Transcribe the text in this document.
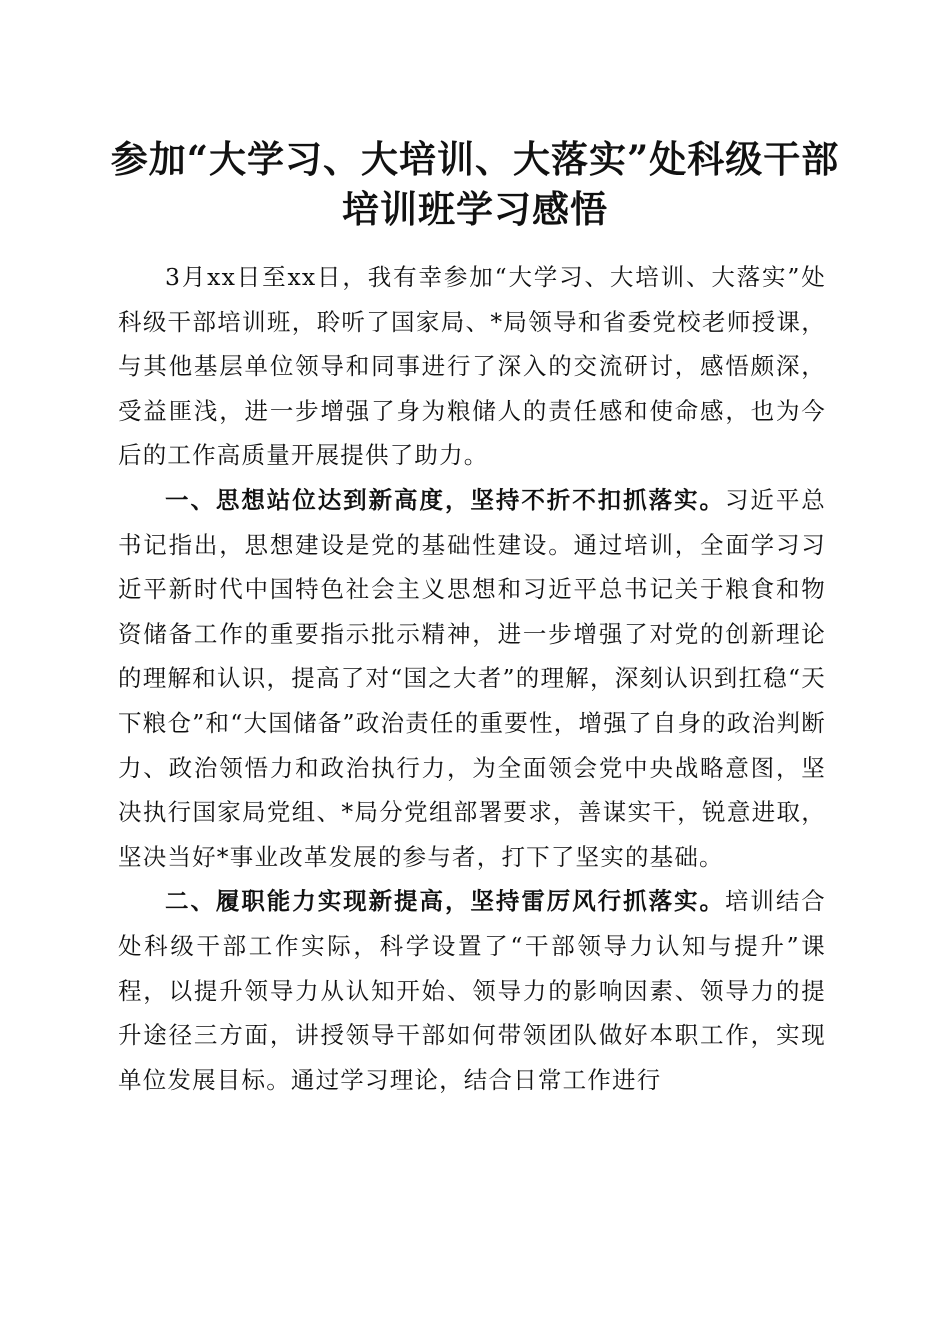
参加“大学习、大培训、大落实”处科级干部
培训班学习感悟

3月xx日至xx日，我有幸参加“大学习、大培训、大落实”处科级干部培训班，聆听了国家局、*局领导和省委党校老师授课，与其他基层单位领导和同事进行了深入的交流研讨，感悟颇深，受益匪浅，进一步增强了身为粮储人的责任感和使命感，也为今后的工作高质量开展提供了助力。

一、思想站位达到新高度，坚持不折不扣抓落实。习近平总书记指出，思想建设是党的基础性建设。通过培训，全面学习习近平新时代中国特色社会主义思想和习近平总书记关于粮食和物资储备工作的重要指示批示精神，进一步增强了对党的创新理论的理解和认识，提高了对“国之大者”的理解，深刻认识到扛稳“天下粮仓”和“大国储备”政治责任的重要性，增强了自身的政治判断力、政治领悟力和政治执行力，为全面领会党中央战略意图，坚决执行国家局党组、*局分党组部署要求，善谋实干，锐意进取，坚决当好*事业改革发展的参与者，打下了坚实的基础。

二、履职能力实现新提高，坚持雷厉风行抓落实。培训结合处科级干部工作实际，科学设置了“干部领导力认知与提升”课程，以提升领导力从认知开始、领导力的影响因素、领导力的提升途径三方面，讲授领导干部如何带领团队做好本职工作，实现单位发展目标。通过学习理论，结合日常工作进行
